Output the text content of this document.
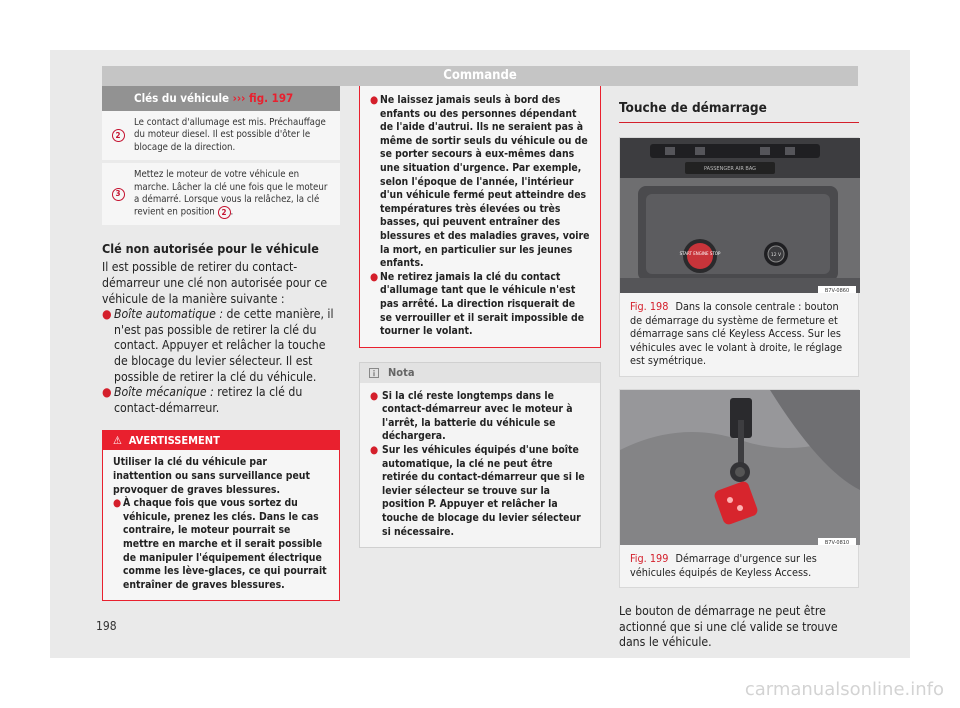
Commande
Clés du véhicule ››› fig. 197
2
Le contact d'allumage est mis. Préchauffage du moteur diesel. Il est possible d'ôter le blocage de la direction.
3
Mettez le moteur de votre véhicule en marche. Lâcher la clé une fois que le moteur a démarré. Lorsque vous la relâchez, la clé revient en position 2 .
Clé non autorisée pour le véhicule

Il est possible de retirer du contact-démarreur une clé non autorisée pour ce véhicule de la manière suivante :

● Boîte automatique : de cette manière, il n'est pas possible de retirer la clé du contact. Appuyer et relâcher la touche de blocage du levier sélecteur. Il est possible de retirer la clé du véhicule.
● Boîte mécanique : retirez la clé du contact-démarreur.
⚠ AVERTISSEMENT

Utiliser la clé du véhicule par inattention ou sans surveillance peut provoquer de graves blessures.

● À chaque fois que vous sortez du véhicule, prenez les clés. Dans le cas contraire, le moteur pourrait se mettre en marche et il serait possible de manipuler l'équipement électrique comme les lève-glaces, ce qui pourrait entraîner de graves blessures.
● Ne laissez jamais seuls à bord des enfants ou des personnes dépendant de l'aide d'autrui. Ils ne seraient pas à même de sortir seuls du véhicule ou de se porter secours à eux-mêmes dans une situation d'urgence. Par exemple, selon l'époque de l'année, l'intérieur d'un véhicule fermé peut atteindre des températures très élevées ou très basses, qui peuvent entraîner des blessures et des maladies graves, voire la mort, en particulier sur les jeunes enfants.
● Ne retirez jamais la clé du contact d'allumage tant que le véhicule n'est pas arrêté. La direction risquerait de se verrouiller et il serait impossible de tourner le volant.
Nota
● Si la clé reste longtemps dans le contact-démarreur avec le moteur à l'arrêt, la batterie du véhicule se déchargera.
● Sur les véhicules équipés d'une boîte automatique, la clé ne peut être retirée du contact-démarreur que si le levier sélecteur se trouve sur la position P. Appuyer et relâcher la touche de blocage du levier sélecteur si nécessaire.
Touche de démarrage
PASSENGER AIR BAG
START ENGINE STOP	12 V
B7V-0860
Fig. 198 Dans la console centrale : bouton de démarrage du système de fermeture et démarrage sans clé Keyless Access. Sur les véhicules avec le volant à droite, le réglage est symétrique.
B7V-0810
Fig. 199 Démarrage d'urgence sur les véhicules équipés de Keyless Access.

Le bouton de démarrage ne peut être actionné que si une clé valide se trouve dans le véhicule.

198
carmanualsonline.info
